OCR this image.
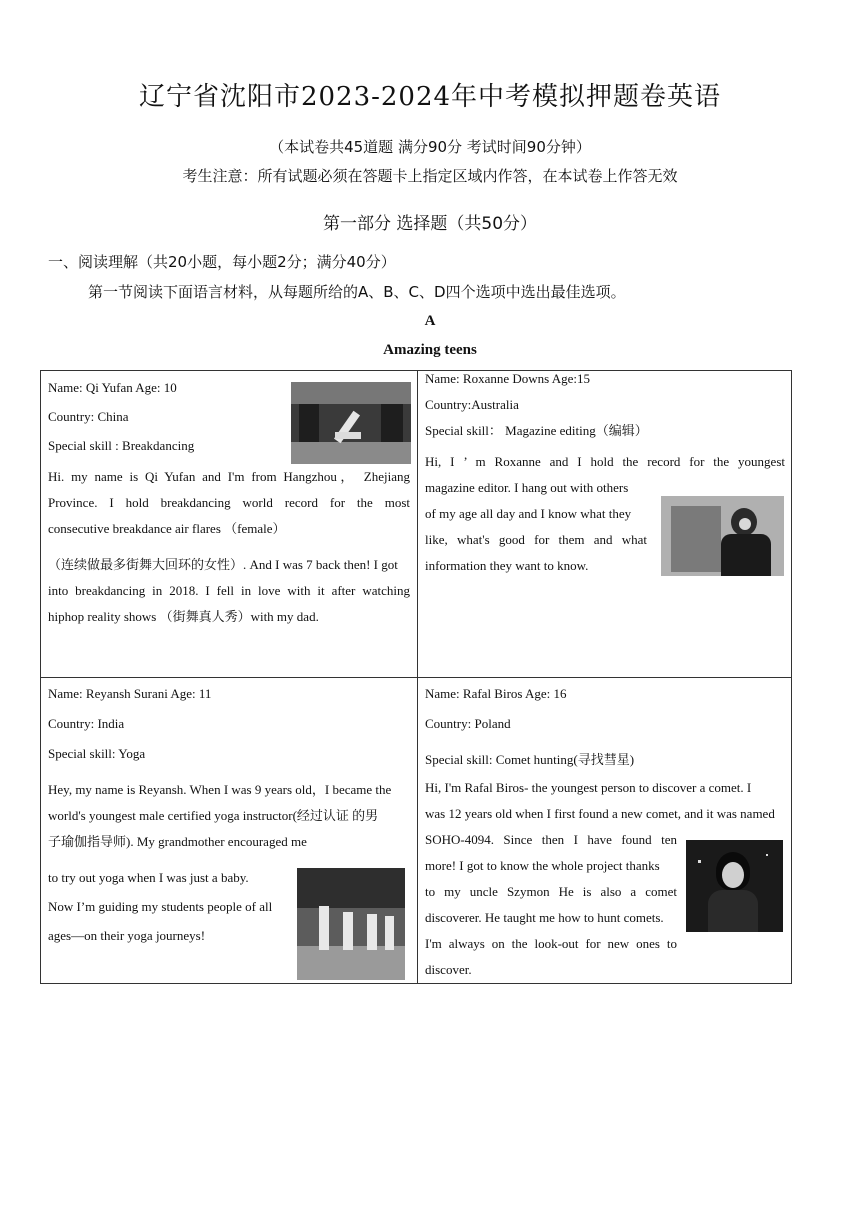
辽宁省沈阳市2023-2024年中考模拟押题卷英语
（本试卷共45道题 满分90分 考试时间90分钟）
考生注意：所有试题必须在答题卡上指定区域内作答，在本试卷上作答无效
第一部分 选择题（共50分）
一、阅读理解（共20小题，每小题2分；满分40分）
第一节阅读下面语言材料，从每题所给的A、B、C、D四个选项中选出最佳选项。
A
Amazing teens
Name: Qi Yufan Age: 10
Country: China
Special skill : Breakdancing
Hi. my name is Qi Yufan and I'm from Hangzhou， Zhejiang
Province. I hold breakdancing world record for the most
consecutive breakdance air flares （female）
（连续做最多街舞大回环的女性）. And I was 7 back then! I got
into breakdancing in 2018. I fell in love with it after watching
hiphop reality shows （街舞真人秀）with my dad.
Name: Roxanne Downs Age:15
Country:Australia
Special skill： Magazine editing（编辑）
Hi, I ’ m Roxanne and I hold the record for the youngest
magazine editor. I hang out with others
of my age all day and I know what they
like, what's good for them and what
information they want to know.
Name: Reyansh Surani Age: 11
Country: India
Special skill: Yoga
Hey, my name is Reyansh. When I was 9 years old，I became the
world's youngest male certified yoga instructor(经过认证 的男
子瑜伽指导师). My grandmother encouraged me
to try out yoga when I was just a baby.
Now I’m guiding my students people of all
ages—on their yoga journeys!
Name: Rafal Biros Age: 16
Country: Poland
Special skill: Comet hunting(寻找彗星)
Hi, I'm Rafal Biros- the youngest person to discover a comet. I
was 12 years old when I first found a new comet, and it was named
SOHO-4094. Since then I have found ten
more! I got to know the whole project thanks
to my uncle Szymon He is also a comet
discoverer. He taught me how to hunt comets.
I'm always on the look-out for new ones to
discover.
